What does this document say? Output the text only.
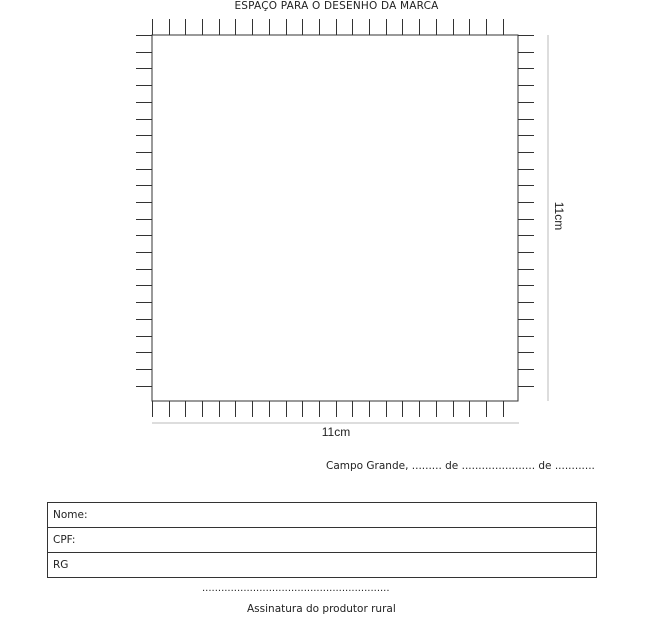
ESPAÇO PARA O DESENHO DA MARCA
11cm
11cm
Campo Grande, ......... de ...................... de ............
Nome:
CPF:
RG
...........................................................
Assinatura do produtor rural
